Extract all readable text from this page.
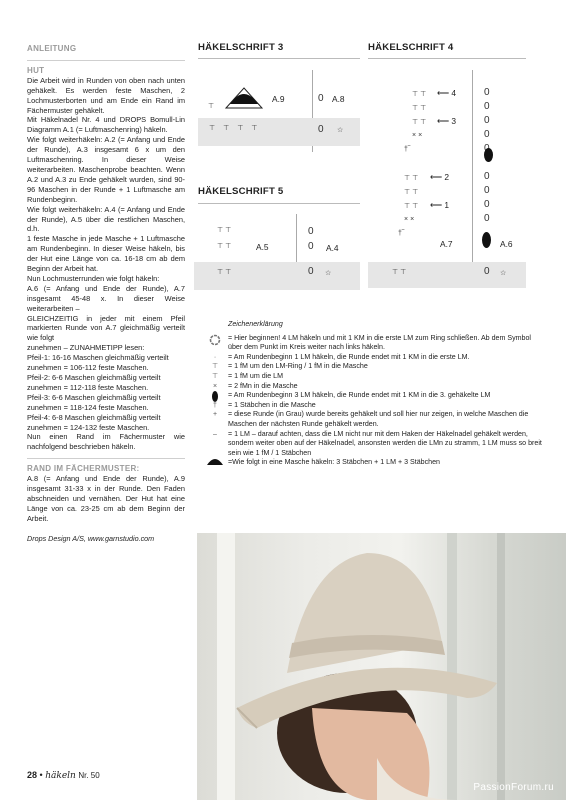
ANLEITUNG
HUT

Die Arbeit wird in Runden von oben nach unten gehäkelt. Es werden feste Maschen, 2 Lochmusterborten und am Ende ein Rand im Fächermuster gehäkelt.

Mit Häkelnadel Nr. 4 und DROPS Bomull-Lin Diagramm A.1 (= Luftmaschenring) häkeln.

Wie folgt weiterhäkeln: A.2 (= Anfang und Ende der Runde), A.3 insgesamt 6 x um den Luftmaschenring. In dieser Weise weiterarbeiten. Maschenprobe beachten. Wenn A.2 und A.3 zu Ende gehäkelt wurden, sind 90-96 Maschen in der Runde + 1 Luftmasche am Rundenbeginn.

Wie folgt weiterhäkeln: A.4 (= Anfang und Ende der Runde), A.5 über die restlichen Maschen, d.h.

1 feste Masche in jede Masche + 1 Luftmasche am Rundenbeginn. In dieser Weise häkeln, bis der Hut eine Länge von ca. 16-18 cm ab dem Beginn der Arbeit hat.

Nun Lochmusterrunden wie folgt häkeln:

A.6 (= Anfang und Ende der Runde), A.7 insgesamt 45-48 x. In dieser Weise weiterarbeiten –

GLEICHZEITIG in jeder mit einem Pfeil markierten Runde von A.7 gleichmäßig verteilt wie folgt

zunehmen – ZUNAHMETIPP lesen:

Pfeil-1: 16-16 Maschen gleichmäßig verteilt zunehmen = 106-112 feste Maschen.

Pfeil-2: 6-6 Maschen gleichmäßig verteilt zunehmen = 112-118 feste Maschen.

Pfeil-3: 6-6 Maschen gleichmäßig verteilt zunehmen = 118-124 feste Maschen.

Pfeil-4: 6-8 Maschen gleichmäßig verteilt zunehmen = 124-132 feste Maschen.

Nun einen Rand im Fächermuster wie nachfolgend beschrieben häkeln.

RAND IM FÄCHERMUSTER:

A.8 (= Anfang und Ende der Runde), A.9 insgesamt 31-33 x in der Runde. Den Faden abschneiden und vernähen. Der Hut hat eine Länge von ca. 23-25 cm ab dem Beginn der Arbeit.

Drops Design A/S, www.garnstudio.com

HÄKELSCHRIFT 3	HÄKELSCHRIFT 4
HÄKELSCHRIFT 5
⊤
A.9	0 A.8
⊤⊤⊤⊤	0 ☆
⊤⊤
⊤⊤	A.5
0
0 A.4
⊤⊤	0 ☆
⊤⊤ ⟵ 4
⊤⊤
⊤⊤ ⟵ 3
××
†‾
⊤⊤ ⟵ 2
⊤⊤
⊤⊤ ⟵ 1
××
†‾
A.7
0
0
0
0

0
0
0
0
A.6
⊤⊤	0 ☆
Zeichenerklärung
= Hier beginnen! 4 LM häkeln und mit 1 KM in die erste LM zum Ring schließen. Ab dem Symbol über dem Punkt im Kreis weiter nach links häkeln.
·	= Am Rundenbeginn 1 LM häkeln, die Runde endet mit 1 KM in die erste LM.
⊤	= 1 fM um den LM-Ring / 1 fM in die Masche
⊤	= 1 fM um die LM
×	= 2 fMn in die Masche
= Am Rundenbeginn 3 LM häkeln, die Runde endet mit 1 KM in die 3. gehäkelte LM
†	= 1 Stäbchen in die Masche
+	= diese Runde (in Grau) wurde bereits gehäkelt und soll hier nur zeigen, in welche Maschen die Maschen der nächsten Runde gehäkelt werden.
–	= 1 LM – darauf achten, dass die LM nicht nur mit dem Haken der Häkelnadel gehäkelt werden, sondern weiter oben auf der Häkelnadel, ansonsten werden die LMn zu stramm, 1 LM muss so breit sein wie 1 fM / 1 Stäbchen
=Wie folgt in eine Masche häkeln: 3 Stäbchen + 1 LM + 3 Stäbchen
28 • häkeln Nr. 50
PassionForum.ru
